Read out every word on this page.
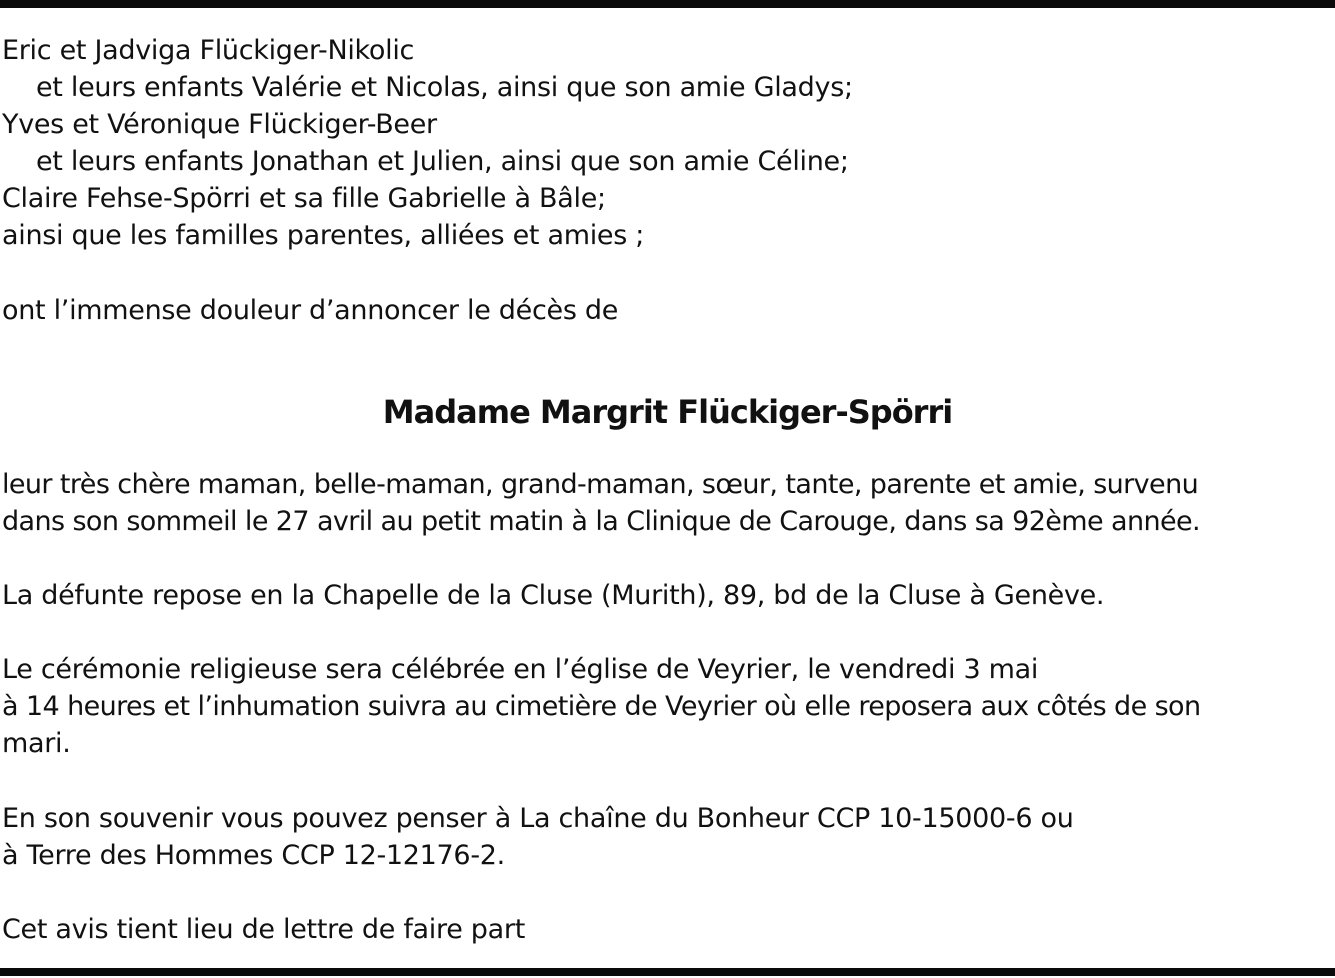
Eric et Jadviga Flückiger-Nikolic
et leurs enfants Valérie et Nicolas, ainsi que son amie Gladys;
Yves et Véronique Flückiger-Beer
et leurs enfants Jonathan et Julien, ainsi que son amie Céline;
Claire Fehse-Spörri et sa fille Gabrielle à Bâle;
ainsi que les familles parentes, alliées et amies ;
ont l’immense douleur d’annoncer le décès de
Madame Margrit Flückiger-Spörri
leur très chère maman, belle-maman, grand-maman, sœur, tante, parente et amie, survenu
dans son sommeil le 27 avril au petit matin à la Clinique de Carouge, dans sa 92ème année.
La défunte repose en la Chapelle de la Cluse (Murith), 89, bd de la Cluse à Genève.
Le cérémonie religieuse sera célébrée en l’église de Veyrier, le vendredi 3 mai
à 14 heures et l’inhumation suivra au cimetière de Veyrier où elle reposera aux côtés de son
mari.
En son souvenir vous pouvez penser à La chaîne du Bonheur CCP 10-15000-6 ou
à Terre des Hommes CCP 12-12176-2.
Cet avis tient lieu de lettre de faire part
